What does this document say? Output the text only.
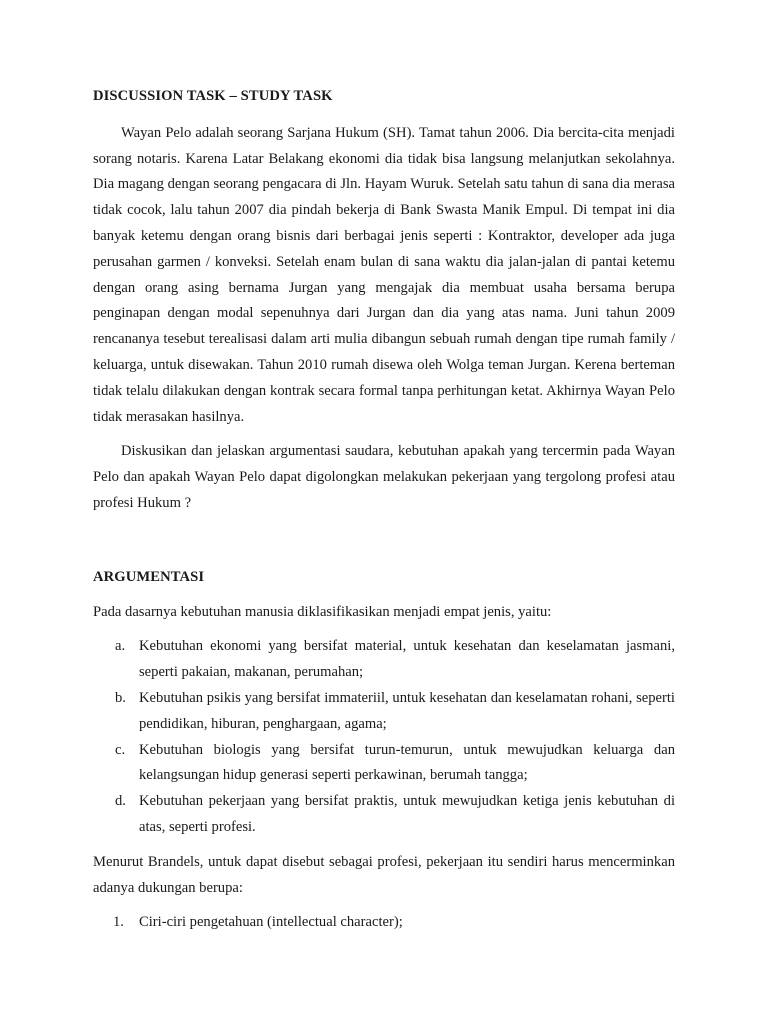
DISCUSSION TASK – STUDY TASK

Wayan Pelo adalah seorang Sarjana Hukum (SH). Tamat tahun 2006. Dia bercita-cita menjadi sorang notaris. Karena Latar Belakang ekonomi dia tidak bisa langsung melanjutkan sekolahnya. Dia magang dengan seorang pengacara di Jln. Hayam Wuruk. Setelah satu tahun di sana dia merasa tidak cocok, lalu tahun 2007 dia pindah bekerja di Bank Swasta Manik Empul. Di tempat ini dia banyak ketemu dengan orang bisnis dari berbagai jenis seperti : Kontraktor, developer ada juga perusahan garmen / konveksi. Setelah enam bulan di sana waktu dia jalan-jalan di pantai ketemu dengan orang asing bernama Jurgan yang mengajak dia membuat usaha bersama berupa penginapan dengan modal sepenuhnya dari Jurgan dan dia yang atas nama. Juni tahun 2009 rencananya tesebut terealisasi dalam arti mulia dibangun sebuah rumah dengan tipe rumah family / keluarga, untuk disewakan. Tahun 2010 rumah disewa oleh Wolga teman Jurgan. Kerena berteman tidak telalu dilakukan dengan kontrak secara formal tanpa perhitungan ketat. Akhirnya Wayan Pelo tidak merasakan hasilnya.

Diskusikan dan jelaskan argumentasi saudara, kebutuhan apakah yang tercermin pada Wayan Pelo dan apakah Wayan Pelo dapat digolongkan melakukan pekerjaan yang tergolong profesi atau profesi Hukum ?

ARGUMENTASI

Pada dasarnya kebutuhan manusia diklasifikasikan menjadi empat jenis, yaitu:

a. Kebutuhan ekonomi yang bersifat material, untuk kesehatan dan keselamatan jasmani, seperti pakaian, makanan, perumahan;
b. Kebutuhan psikis yang bersifat immateriil, untuk kesehatan dan keselamatan rohani, seperti pendidikan, hiburan, penghargaan, agama;
c. Kebutuhan biologis yang bersifat turun-temurun, untuk mewujudkan keluarga dan kelangsungan hidup generasi seperti perkawinan, berumah tangga;
d. Kebutuhan pekerjaan yang bersifat praktis, untuk mewujudkan ketiga jenis kebutuhan di atas, seperti profesi.

Menurut Brandels, untuk dapat disebut sebagai profesi, pekerjaan itu sendiri harus mencerminkan adanya dukungan berupa:

1. Ciri-ciri pengetahuan (intellectual character);
